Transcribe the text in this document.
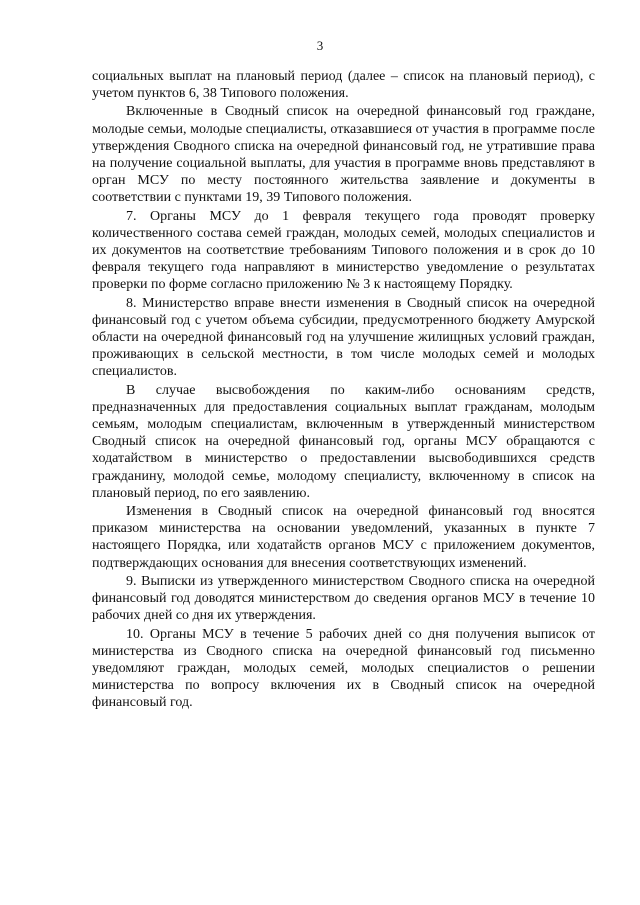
3

социальных выплат на плановый период (далее – список на плановый период), с учетом пунктов 6, 38 Типового положения.

Включенные в Сводный список на очередной финансовый год граждане, молодые семьи, молодые специалисты, отказавшиеся от участия в программе после утверждения Сводного списка на очередной финансовый год, не утратившие права на получение социальной выплаты, для участия в программе вновь представляют в орган МСУ по месту постоянного жительства заявление и документы в соответствии с пунктами 19, 39 Типового положения.

7. Органы МСУ до 1 февраля текущего года проводят проверку количественного состава семей граждан, молодых семей, молодых специалистов и их документов на соответствие требованиям Типового положения и в срок до 10 февраля текущего года направляют в министерство уведомление о результатах проверки по форме согласно приложению № 3 к настоящему Порядку.

8. Министерство вправе внести изменения в Сводный список на очередной финансовый год с учетом объема субсидии, предусмотренного бюджету Амурской области на очередной финансовый год на улучшение жилищных условий граждан, проживающих в сельской местности, в том числе молодых семей и молодых специалистов.

В случае высвобождения по каким-либо основаниям средств, предназначенных для предоставления социальных выплат гражданам, молодым семьям, молодым специалистам, включенным в утвержденный министерством Сводный список на очередной финансовый год, органы МСУ обращаются с ходатайством в министерство о предоставлении высвободившихся средств гражданину, молодой семье, молодому специалисту, включенному в список на плановый период, по его заявлению.

Изменения в Сводный список на очередной финансовый год вносятся приказом министерства на основании уведомлений, указанных в пункте 7 настоящего Порядка, или ходатайств органов МСУ с приложением документов, подтверждающих основания для внесения соответствующих изменений.

9. Выписки из утвержденного министерством Сводного списка на очередной финансовый год доводятся министерством до сведения органов МСУ в течение 10 рабочих дней со дня их утверждения.

10. Органы МСУ в течение 5 рабочих дней со дня получения выписок от министерства из Сводного списка на очередной финансовый год письменно уведомляют граждан, молодых семей, молодых специалистов о решении министерства по вопросу включения их в Сводный список на очередной финансовый год.
